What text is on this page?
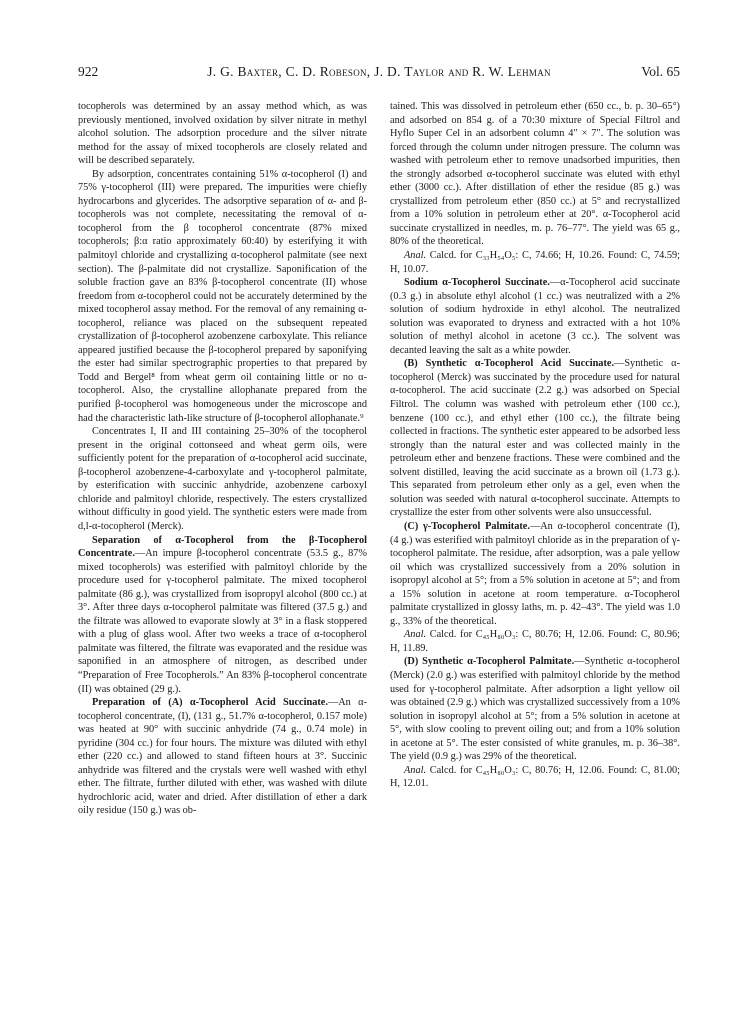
922	J. G. Baxter, C. D. Robeson, J. D. Taylor and R. W. Lehman	Vol. 65

tocopherols was determined by an assay method which, as was previously mentioned, involved oxidation by silver nitrate in methyl alcohol solution. The adsorption procedure and the silver nitrate method for the assay of mixed tocopherols are closely related and will be described separately.

By adsorption, concentrates containing 51% α-tocopherol (I) and 75% γ-tocopherol (III) were prepared. The impurities were chiefly hydrocarbons and glycerides. The adsorptive separation of α- and β-tocopherols was not complete, necessitating the removal of α-tocopherol from the β tocopherol concentrate (87% mixed tocopherols; β:α ratio approximately 60:40) by esterifying it with palmitoyl chloride and crystallizing α-tocopherol palmitate (see next section). The β-palmitate did not crystallize. Saponification of the soluble fraction gave an 83% β-tocopherol concentrate (II) whose freedom from α-tocopherol could not be accurately determined by the mixed tocopherol assay method. For the removal of any remaining α-tocopherol, reliance was placed on the subsequent repeated crystallization of β-tocopherol azobenzene carboxylate. This reliance appeared justified because the β-tocopherol prepared by saponifying the ester had similar spectrographic properties to that prepared by Todd and Bergel⁸ from wheat germ oil containing little or no α-tocopherol. Also, the crystalline allophanate prepared from the purified β-tocopherol was homogeneous under the microscope and had the characteristic lath-like structure of β-tocopherol allophanate.⁹

Concentrates I, II and III containing 25–30% of the tocopherol present in the original cottonseed and wheat germ oils, were sufficiently potent for the preparation of α-tocopherol acid succinate, β-tocopherol azobenzene-4-carboxylate and γ-tocopherol palmitate, by esterification with succinic anhydride, azobenzene carboxyl chloride and palmitoyl chloride, respectively. The esters crystallized without difficulty in good yield. The synthetic esters were made from d,l-α-tocopherol (Merck).

Separation of α-Tocopherol from the β-Tocopherol Concentrate.—An impure β-tocopherol concentrate (53.5 g., 87% mixed tocopherols) was esterified with palmitoyl chloride by the procedure used for γ-tocopherol palmitate. The mixed tocopherol palmitate (86 g.), was crystallized from isopropyl alcohol (800 cc.) at 3°. After three days α-tocopherol palmitate was filtered (37.5 g.) and the filtrate was allowed to evaporate slowly at 3° in a flask stoppered with a plug of glass wool. After two weeks a trace of α-tocopherol palmitate was filtered, the filtrate was evaporated and the residue was saponified in an atmosphere of nitrogen, as described under “Preparation of Free Tocopherols.” An 83% β-tocopherol concentrate (II) was obtained (29 g.).

Preparation of (A) α-Tocopherol Acid Succinate.—An α-tocopherol concentrate, (I), (131 g., 51.7% α-tocopherol, 0.157 mole) was heated at 90° with succinic anhydride (74 g., 0.74 mole) in pyridine (304 cc.) for four hours. The mixture was diluted with ethyl ether (220 cc.) and allowed to stand fifteen hours at 3°. Succinic anhydride was filtered and the crystals were well washed with ethyl ether. The filtrate, further diluted with ether, was washed with dilute hydrochloric acid, water and dried. After distillation of ether a dark oily residue (150 g.) was ob-

tained. This was dissolved in petroleum ether (650 cc., b. p. 30–65°) and adsorbed on 854 g. of a 70:30 mixture of Special Filtrol and Hyflo Super Cel in an adsorbent column 4″ × 7″. The solution was forced through the column under nitrogen pressure. The column was washed with petroleum ether to remove unadsorbed impurities, then the strongly adsorbed α-tocopherol succinate was eluted with ethyl ether (3000 cc.). After distillation of ether the residue (85 g.) was crystallized from petroleum ether (850 cc.) at 5° and recrystallized from a 10% solution in petroleum ether at 20°. α-Tocopherol acid succinate crystallized in needles, m. p. 76–77°. The yield was 65 g., 80% of the theoretical.

Anal. Calcd. for C₃₃H₅₄O₅: C, 74.66; H, 10.26. Found: C, 74.59; H, 10.07.

Sodium α-Tocopherol Succinate.—α-Tocopherol acid succinate (0.3 g.) in absolute ethyl alcohol (1 cc.) was neutralized with a 2% solution of sodium hydroxide in ethyl alcohol. The neutralized solution was evaporated to dryness and extracted with a hot 10% solution of methyl alcohol in acetone (3 cc.). The solvent was decanted leaving the salt as a white powder.

(B) Synthetic α-Tocopherol Acid Succinate.—Synthetic α-tocopherol (Merck) was succinated by the procedure used for natural α-tocopherol. The acid succinate (2.2 g.) was adsorbed on Special Filtrol. The column was washed with petroleum ether (100 cc.), benzene (100 cc.), and ethyl ether (100 cc.), the filtrate being collected in fractions. The synthetic ester appeared to be adsorbed less strongly than the natural ester and was collected mainly in the petroleum ether and benzene fractions. These were combined and the solvent distilled, leaving the acid succinate as a brown oil (1.73 g.). This separated from petroleum ether only as a gel, even when the solution was seeded with natural α-tocopherol succinate. Attempts to crystallize the ester from other solvents were also unsuccessful.

(C) γ-Tocopherol Palmitate.—An α-tocopherol concentrate (I), (4 g.) was esterified with palmitoyl chloride as in the preparation of γ-tocopherol palmitate. The residue, after adsorption, was a pale yellow oil which was crystallized successively from a 20% solution in isopropyl alcohol at 5°; from a 5% solution in acetone at 5°; and from a 15% solution in acetone at room temperature. α-Tocopherol palmitate crystallized in glossy laths, m. p. 42–43°. The yield was 1.0 g., 33% of the theoretical.

Anal. Calcd. for C₄₅H₈₀O₃: C, 80.76; H, 12.06. Found: C, 80.96; H, 11.89.

(D) Synthetic α-Tocopherol Palmitate.—Synthetic α-tocopherol (Merck) (2.0 g.) was esterified with palmitoyl chloride by the method used for γ-tocopherol palmitate. After adsorption a light yellow oil was obtained (2.9 g.) which was crystallized successively from a 10% solution in isopropyl alcohol at 5°; from a 5% solution in acetone at 5°, with slow cooling to prevent oiling out; and from a 10% solution in acetone at 5°. The ester consisted of white granules, m. p. 36–38°. The yield (0.9 g.) was 29% of the theoretical.

Anal. Calcd. for C₄₅H₈₀O₃: C, 80.76; H, 12.06. Found: C, 81.00; H, 12.01.
